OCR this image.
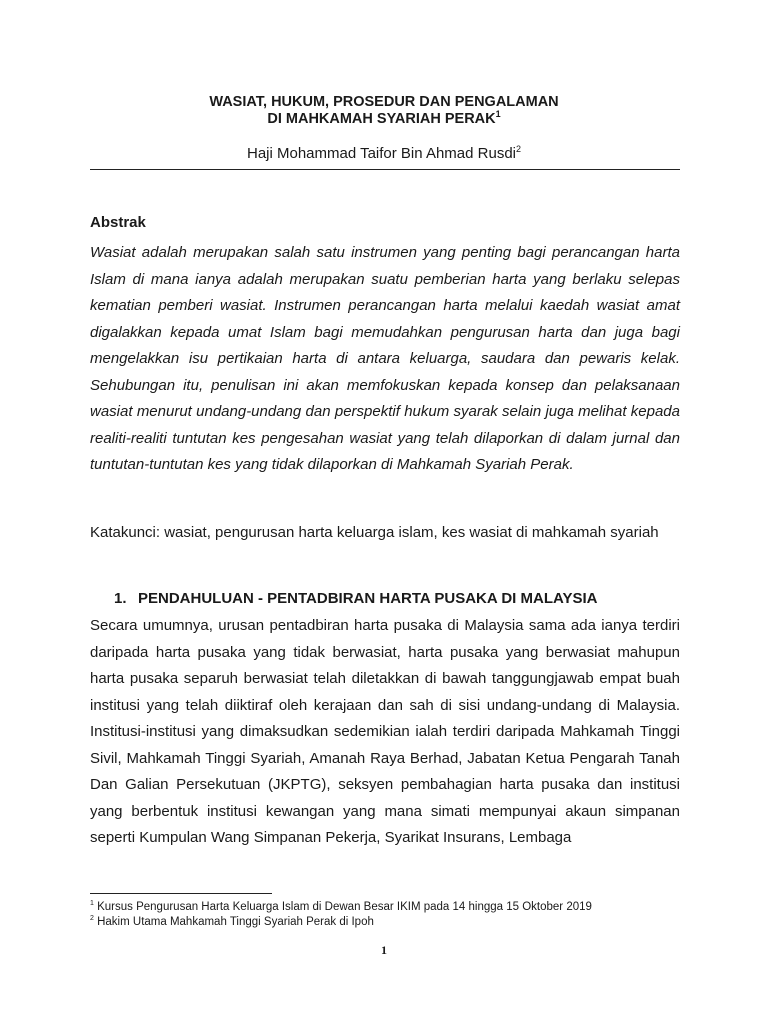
WASIAT, HUKUM, PROSEDUR DAN PENGALAMAN
DI MAHKAMAH SYARIAH PERAK$^1$
Haji Mohammad Taifor Bin Ahmad Rusdi$^2$
Abstrak

Wasiat adalah merupakan salah satu instrumen yang penting bagi perancangan harta Islam di mana ianya adalah merupakan suatu pemberian harta yang berlaku selepas kematian pemberi wasiat. Instrumen perancangan harta melalui kaedah wasiat amat digalakkan kepada umat Islam bagi memudahkan pengurusan harta dan juga bagi mengelakkan isu pertikaian harta di antara keluarga, saudara dan pewaris kelak. Sehubungan itu, penulisan ini akan memfokuskan kepada konsep dan pelaksanaan wasiat menurut undang-undang dan perspektif hukum syarak selain juga melihat kepada realiti-realiti tuntutan kes pengesahan wasiat yang telah dilaporkan di dalam jurnal dan tuntutan-tuntutan kes yang tidak dilaporkan di Mahkamah Syariah Perak.

Katakunci: wasiat, pengurusan harta keluarga islam, kes wasiat di mahkamah syariah
1. PENDAHULUAN - PENTADBIRAN HARTA PUSAKA DI MALAYSIA

Secara umumnya, urusan pentadbiran harta pusaka di Malaysia sama ada ianya terdiri daripada harta pusaka yang tidak berwasiat, harta pusaka yang berwasiat mahupun harta pusaka separuh berwasiat telah diletakkan di bawah tanggungjawab empat buah institusi yang telah diiktiraf oleh kerajaan dan sah di sisi undang-undang di Malaysia. Institusi-institusi yang dimaksudkan sedemikian ialah terdiri daripada Mahkamah Tinggi Sivil, Mahkamah Tinggi Syariah, Amanah Raya Berhad, Jabatan Ketua Pengarah Tanah Dan Galian Persekutuan (JKPTG), seksyen pembahagian harta pusaka dan institusi yang berbentuk institusi kewangan yang mana simati mempunyai akaun simpanan seperti Kumpulan Wang Simpanan Pekerja, Syarikat Insurans, Lembaga

$^1$ Kursus Pengurusan Harta Keluarga Islam di Dewan Besar IKIM pada 14 hingga 15 Oktober 2019
$^2$ Hakim Utama Mahkamah Tinggi Syariah Perak di Ipoh
1
